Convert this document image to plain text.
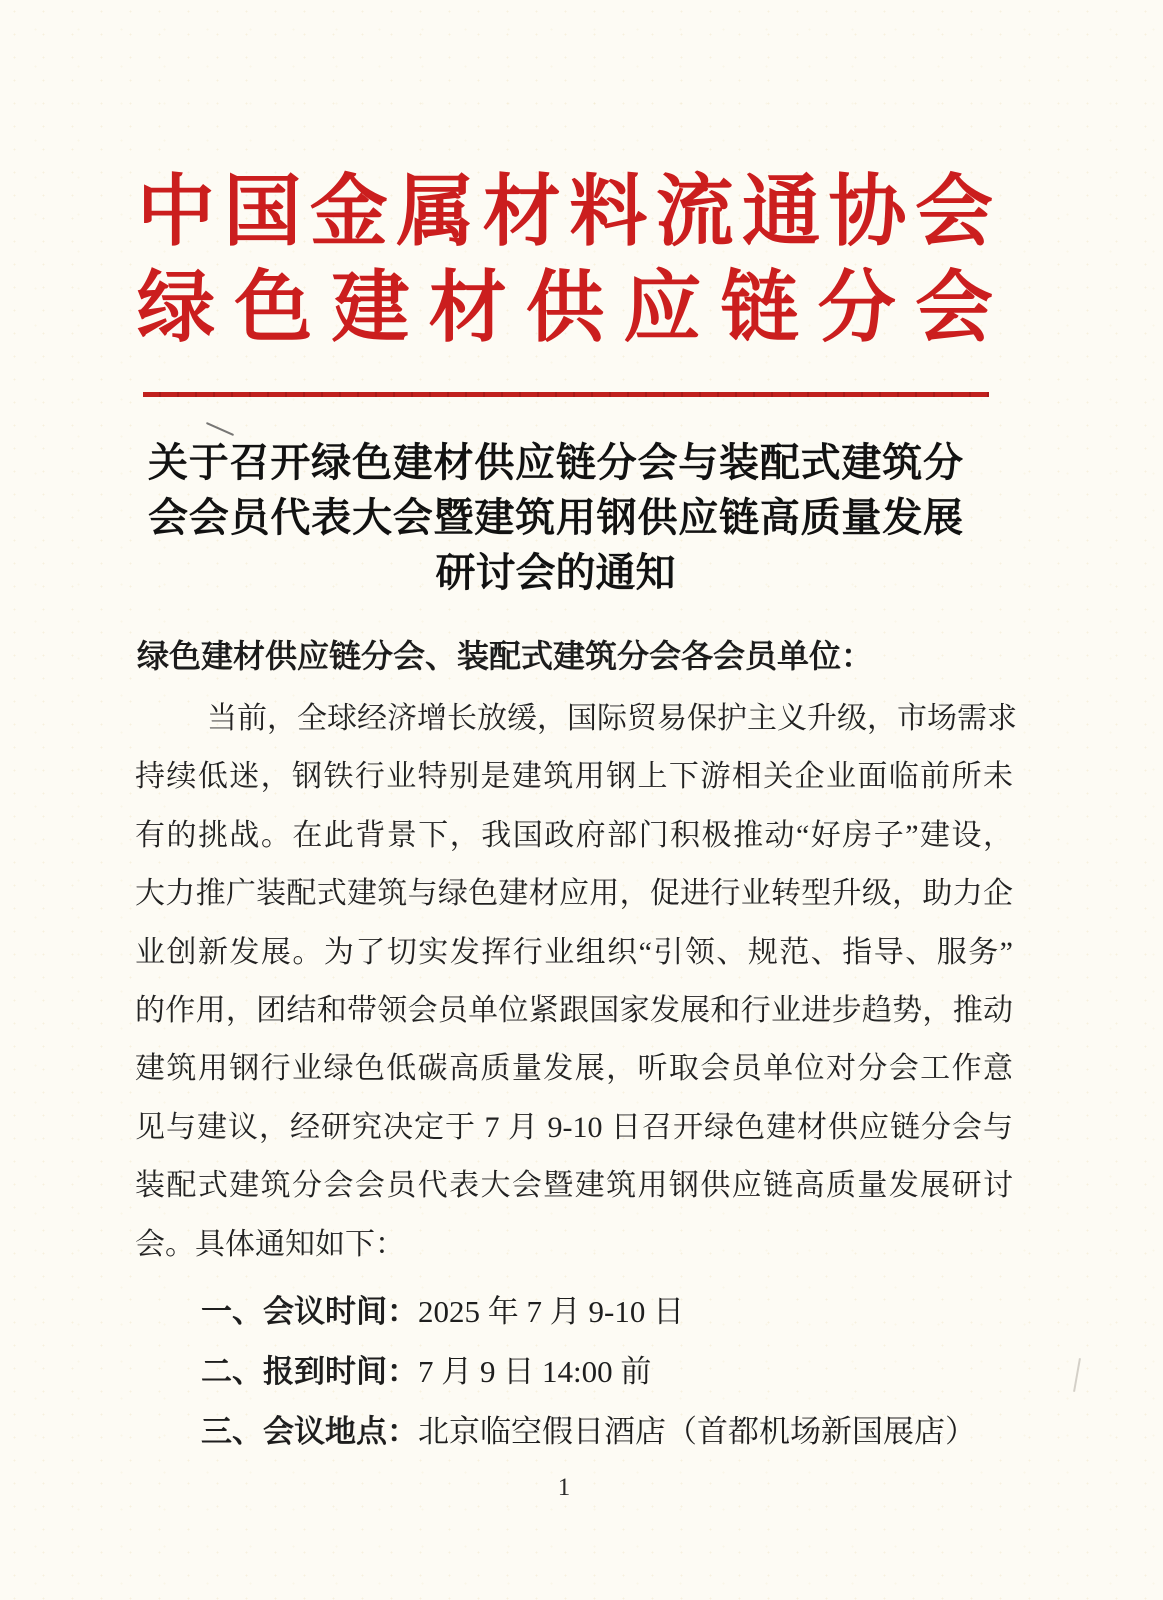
中国金属材料流通协会
绿色建材供应链分会
关于召开绿色建材供应链分会与装配式建筑分
会会员代表大会暨建筑用钢供应链高质量发展
研讨会的通知
绿色建材供应链分会、装配式建筑分会各会员单位：
当前，全球经济增长放缓，国际贸易保护主义升级，市场需求
持续低迷，钢铁行业特别是建筑用钢上下游相关企业面临前所未
有的挑战。在此背景下，我国政府部门积极推动“好房子”建设，
大力推广装配式建筑与绿色建材应用，促进行业转型升级，助力企
业创新发展。为了切实发挥行业组织“引领、规范、指导、服务”
的作用，团结和带领会员单位紧跟国家发展和行业进步趋势，推动
建筑用钢行业绿色低碳高质量发展，听取会员单位对分会工作意
见与建议，经研究决定于 7 月 9-10 日召开绿色建材供应链分会与
装配式建筑分会会员代表大会暨建筑用钢供应链高质量发展研讨
会。具体通知如下：
一、会议时间：2025 年 7 月 9-10 日
二、报到时间：7 月 9 日 14:00 前
三、会议地点：北京临空假日酒店（首都机场新国展店）
1
